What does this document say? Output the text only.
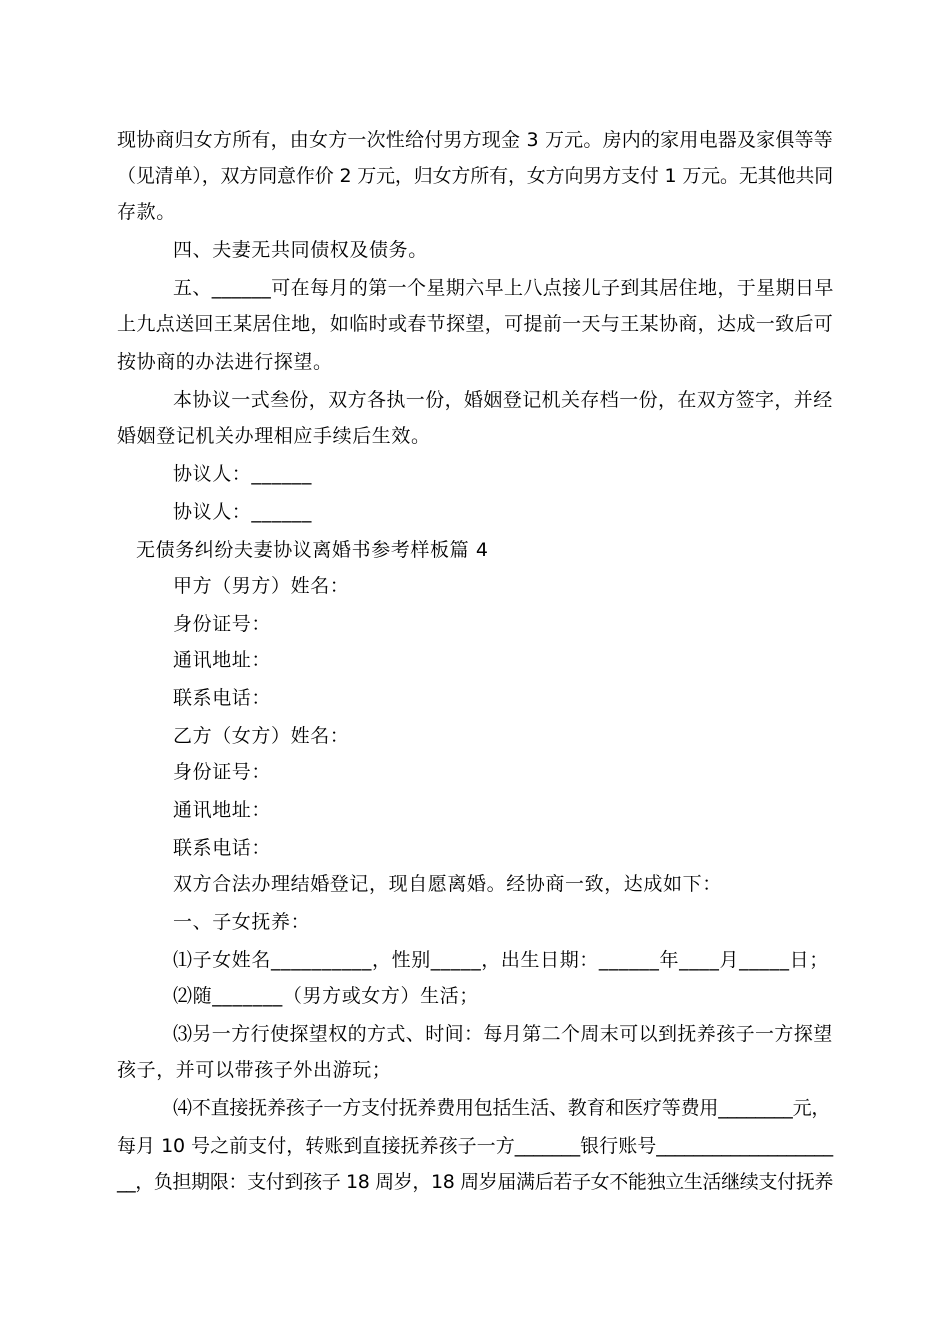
现协商归女方所有，由女方一次性给付男方现金 3 万元。房内的家用电器及家俱等等
（见清单），双方同意作价 2 万元，归女方所有，女方向男方支付 1 万元。无其他共同
存款。
四、夫妻无共同债权及债务。
五、______可在每月的第一个星期六早上八点接儿子到其居住地，于星期日早
上九点送回王某居住地，如临时或春节探望，可提前一天与王某协商，达成一致后可
按协商的办法进行探望。
本协议一式叁份，双方各执一份，婚姻登记机关存档一份，在双方签字，并经
婚姻登记机关办理相应手续后生效。
协议人：______
协议人：______
无债务纠纷夫妻协议离婚书参考样板篇 4
甲方（男方）姓名：
身份证号：
通讯地址：
联系电话：
乙方（女方）姓名：
身份证号：
通讯地址：
联系电话：
双方合法办理结婚登记，现自愿离婚。经协商一致，达成如下：
一、子女抚养：
⑴子女姓名__________，性别_____，出生日期：______年____月_____日；
⑵随_______（男方或女方）生活；
⑶另一方行使探望权的方式、时间：每月第二个周末可以到抚养孩子一方探望
孩子，并可以带孩子外出游玩；
⑷不直接抚养孩子一方支付抚养费用包括生活、教育和医疗等费用________元，
每月 10 号之前支付，转账到直接抚养孩子一方_______银行账号___________________
__，负担期限：支付到孩子 18 周岁，18 周岁届满后若子女不能独立生活继续支付抚养
